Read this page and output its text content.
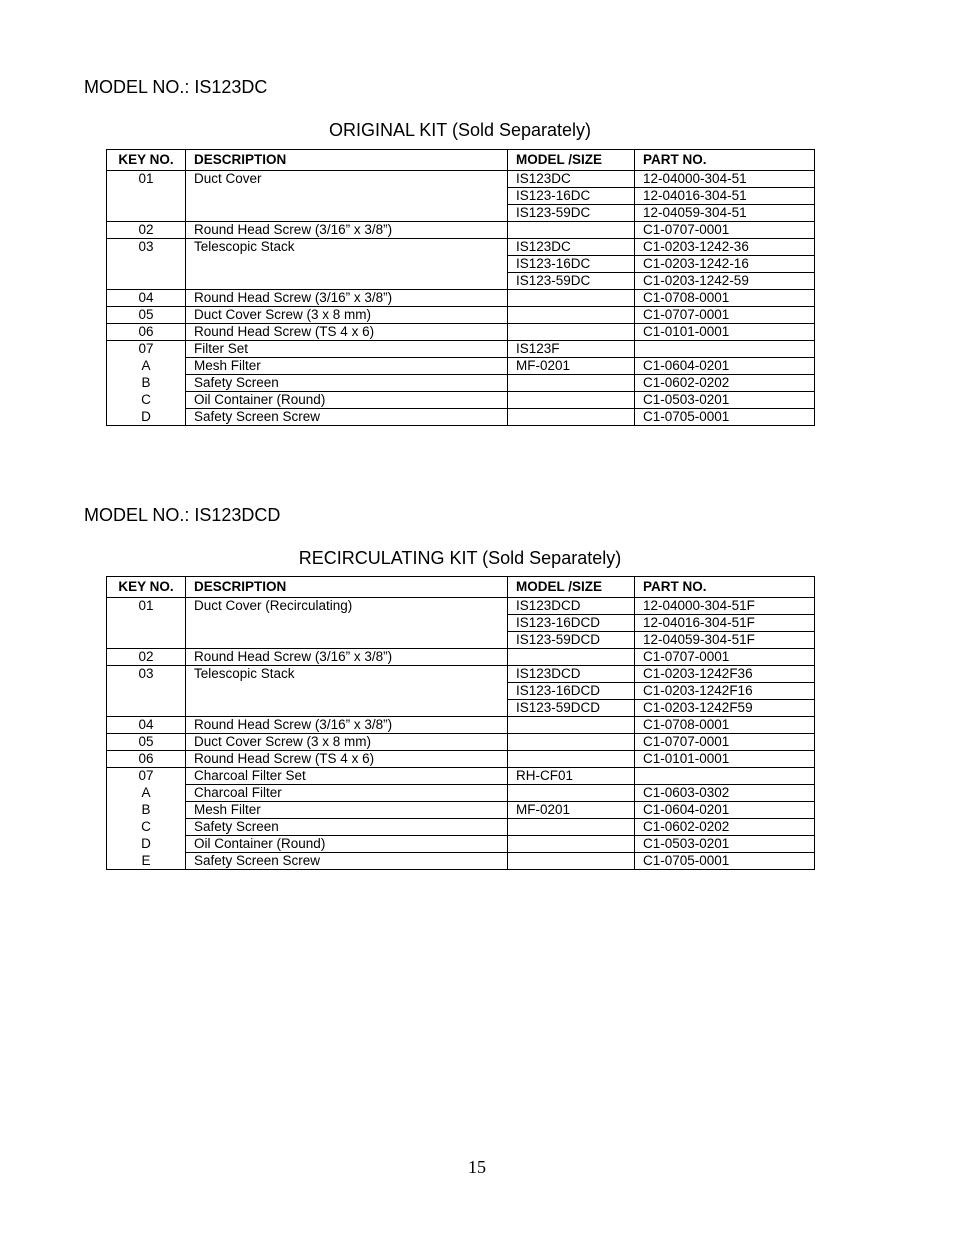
MODEL NO.: IS123DC
ORIGINAL KIT (Sold Separately)
KEY NO.	DESCRIPTION	MODEL /SIZE	PART NO.
01	Duct Cover	IS123DC	12-04000-304-51
		IS123-16DC	12-04016-304-51
		IS123-59DC	12-04059-304-51
02	Round Head Screw (3/16” x 3/8”)		C1-0707-0001
03	Telescopic Stack	IS123DC	C1-0203-1242-36
		IS123-16DC	C1-0203-1242-16
		IS123-59DC	C1-0203-1242-59
04	Round Head Screw (3/16” x 3/8”)		C1-0708-0001
05	Duct Cover Screw (3 x 8 mm)		C1-0707-0001
06	Round Head Screw (TS 4 x 6)		C1-0101-0001
07	Filter Set	IS123F	
A	Mesh Filter	MF-0201	C1-0604-0201
B	Safety Screen		C1-0602-0202
C	Oil Container (Round)		C1-0503-0201
D	Safety Screen Screw		C1-0705-0001
MODEL NO.: IS123DCD
RECIRCULATING KIT (Sold Separately)
KEY NO.	DESCRIPTION	MODEL /SIZE	PART NO.
01	Duct Cover (Recirculating)	IS123DCD	12-04000-304-51F
		IS123-16DCD	12-04016-304-51F
		IS123-59DCD	12-04059-304-51F
02	Round Head Screw (3/16” x 3/8”)		C1-0707-0001
03	Telescopic Stack	IS123DCD	C1-0203-1242F36
		IS123-16DCD	C1-0203-1242F16
		IS123-59DCD	C1-0203-1242F59
04	Round Head Screw (3/16” x 3/8”)		C1-0708-0001
05	Duct Cover Screw (3 x 8 mm)		C1-0707-0001
06	Round Head Screw (TS 4 x 6)		C1-0101-0001
07	Charcoal Filter Set	RH-CF01	
A	Charcoal Filter		C1-0603-0302
B	Mesh Filter	MF-0201	C1-0604-0201
C	Safety Screen		C1-0602-0202
D	Oil Container (Round)		C1-0503-0201
E	Safety Screen Screw		C1-0705-0001
15
